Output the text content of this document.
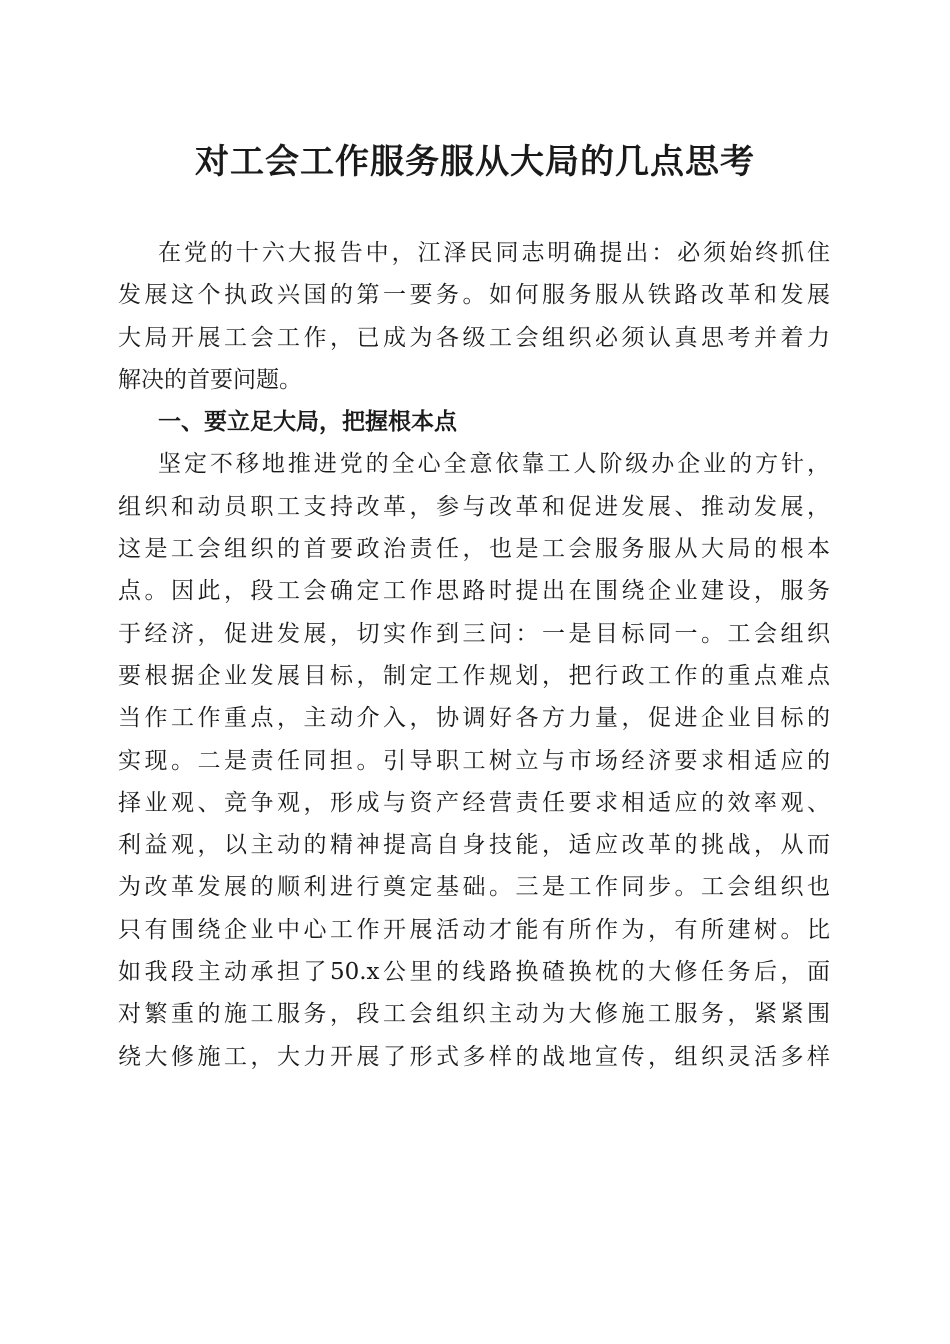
对工会工作服务服从大局的几点思考
在党的十六大报告中，江泽民同志明确提出：必须始终抓住
发展这个执政兴国的第一要务。如何服务服从铁路改革和发展
大局开展工会工作，已成为各级工会组织必须认真思考并着力
解决的首要问题。
一、要立足大局，把握根本点
坚定不移地推进党的全心全意依靠工人阶级办企业的方针，
组织和动员职工支持改革，参与改革和促进发展、推动发展，
这是工会组织的首要政治责任，也是工会服务服从大局的根本
点。因此，段工会确定工作思路时提出在围绕企业建设，服务
于经济，促进发展，切实作到三问：一是目标同一。工会组织
要根据企业发展目标，制定工作规划，把行政工作的重点难点
当作工作重点，主动介入，协调好各方力量，促进企业目标的
实现。二是责任同担。引导职工树立与市场经济要求相适应的
择业观、竞争观，形成与资产经营责任要求相适应的效率观、
利益观，以主动的精神提高自身技能，适应改革的挑战，从而
为改革发展的顺利进行奠定基础。三是工作同步。工会组织也
只有围绕企业中心工作开展活动才能有所作为，有所建树。比
如我段主动承担了50.x公里的线路换碴换枕的大修任务后，面
对繁重的施工服务，段工会组织主动为大修施工服务，紧紧围
绕大修施工，大力开展了形式多样的战地宣传，组织灵活多样
